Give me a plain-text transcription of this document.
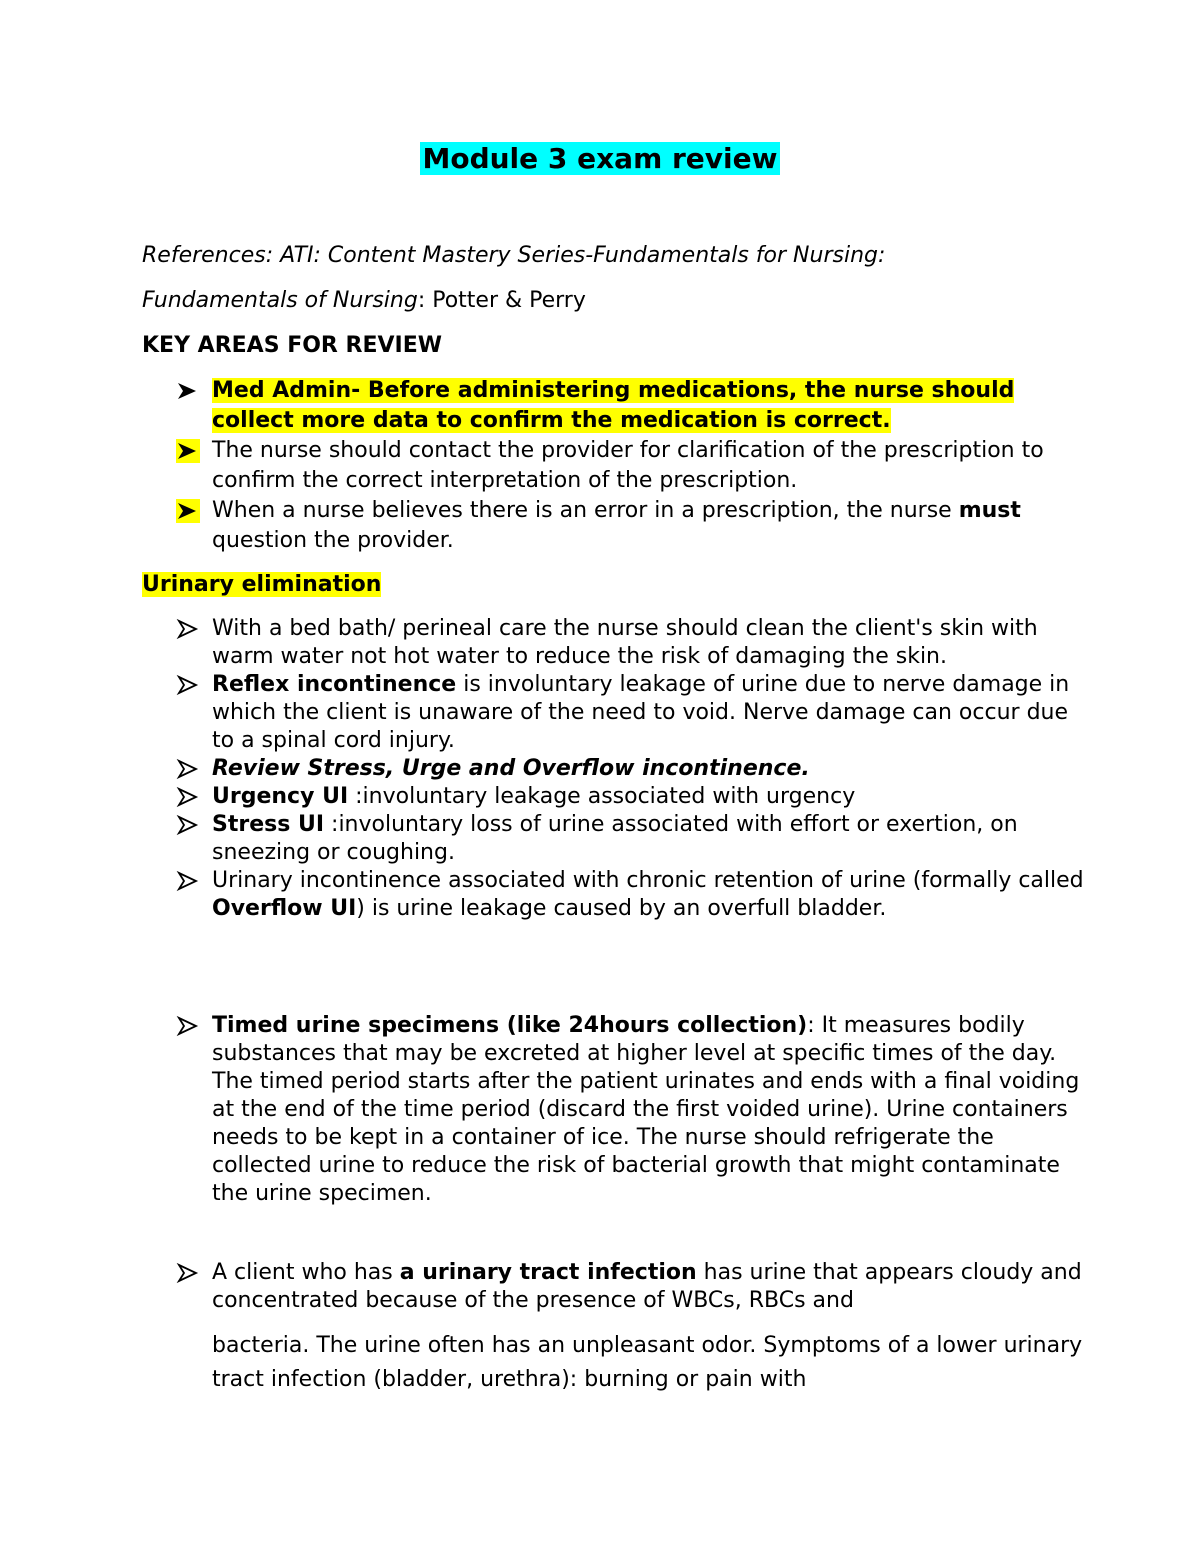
Module 3 exam review
References: ATI: Content Mastery Series-Fundamentals for Nursing:
Fundamentals of Nursing: Potter & Perry
KEY AREAS FOR REVIEW
Med Admin- Before administering medications, the nurse should collect more data to confirm the medication is correct.
The nurse should contact the provider for clarification of the prescription to confirm the correct interpretation of the prescription.
When a nurse believes there is an error in a prescription, the nurse must question the provider.
Urinary elimination
With a bed bath/ perineal care the nurse should clean the client's skin with warm water not hot water to reduce the risk of damaging the skin.
Reflex incontinence is involuntary leakage of urine due to nerve damage in which the client is unaware of the need to void. Nerve damage can occur due to a spinal cord injury.
Review Stress, Urge and Overflow incontinence.
Urgency UI :involuntary leakage associated with urgency
Stress UI :involuntary loss of urine associated with effort or exertion, on sneezing or coughing.
Urinary incontinence associated with chronic retention of urine (formally called Overflow UI) is urine leakage caused by an overfull bladder.
Timed urine specimens (like 24hours collection): It measures bodily substances that may be excreted at higher level at specific times of the day. The timed period starts after the patient urinates and ends with a final voiding at the end of the time period (discard the first voided urine). Urine containers needs to be kept in a container of ice. The nurse should refrigerate the collected urine to reduce the risk of bacterial growth that might contaminate the urine specimen.
A client who has a urinary tract infection has urine that appears cloudy and concentrated because of the presence of WBCs, RBCs and
bacteria. The urine often has an unpleasant odor. Symptoms of a lower urinary tract infection (bladder, urethra): burning or pain with
